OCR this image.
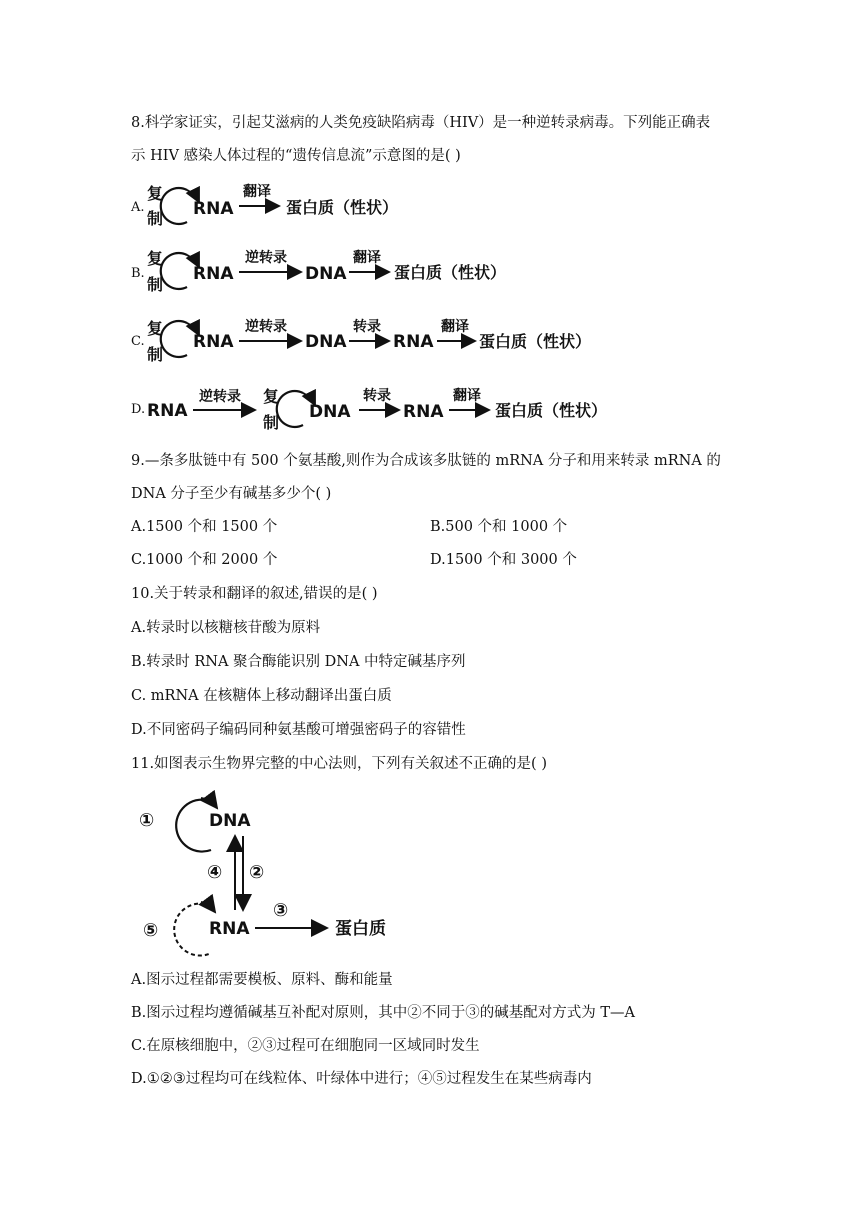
8.科学家证实，引起艾滋病的人类免疫缺陷病毒（HIV）是一种逆转录病毒。下列能正确表
示 HIV 感染人体过程的“遗传信息流”示意图的是( )
A.
复
制 RNA
翻译
蛋白质（性状）
B.
复
制
RNA
逆转录
DNA
翻译
蛋白质（性状）
C.
复
制
RNA
逆转录
DNA
转录
RNA
翻译
蛋白质（性状）
D. RNA
逆转录 复
制
DNA
转录
RNA
翻译
蛋白质（性状）
9.—条多肽链中有 500 个氨基酸,则作为合成该多肽链的 mRNA 分子和用来转录 mRNA 的
DNA 分子至少有碱基多少个( )
A.1500 个和 1500 个	B.500 个和 1000 个
C.1000 个和 2000 个	D.1500 个和 3000 个
10.关于转录和翻译的叙述,错误的是( )
A.转录时以核糖核苷酸为原料
B.转录时 RNA 聚合酶能识别 DNA 中特定碱基序列
C. mRNA 在核糖体上移动翻译出蛋白质
D.不同密码子编码同种氨基酸可增强密码子的容错性
11.如图表示生物界完整的中心法则，下列有关叙述不正确的是( )
①	DNA
④ ②
⑤	RNA
③
蛋白质
A.图示过程都需要模板、原料、酶和能量
B.图示过程均遵循碱基互补配对原则，其中②不同于③的碱基配对方式为 T—A
C.在原核细胞中，②③过程可在细胞同一区域同时发生
D.①②③过程均可在线粒体、叶绿体中进行；④⑤过程发生在某些病毒内
